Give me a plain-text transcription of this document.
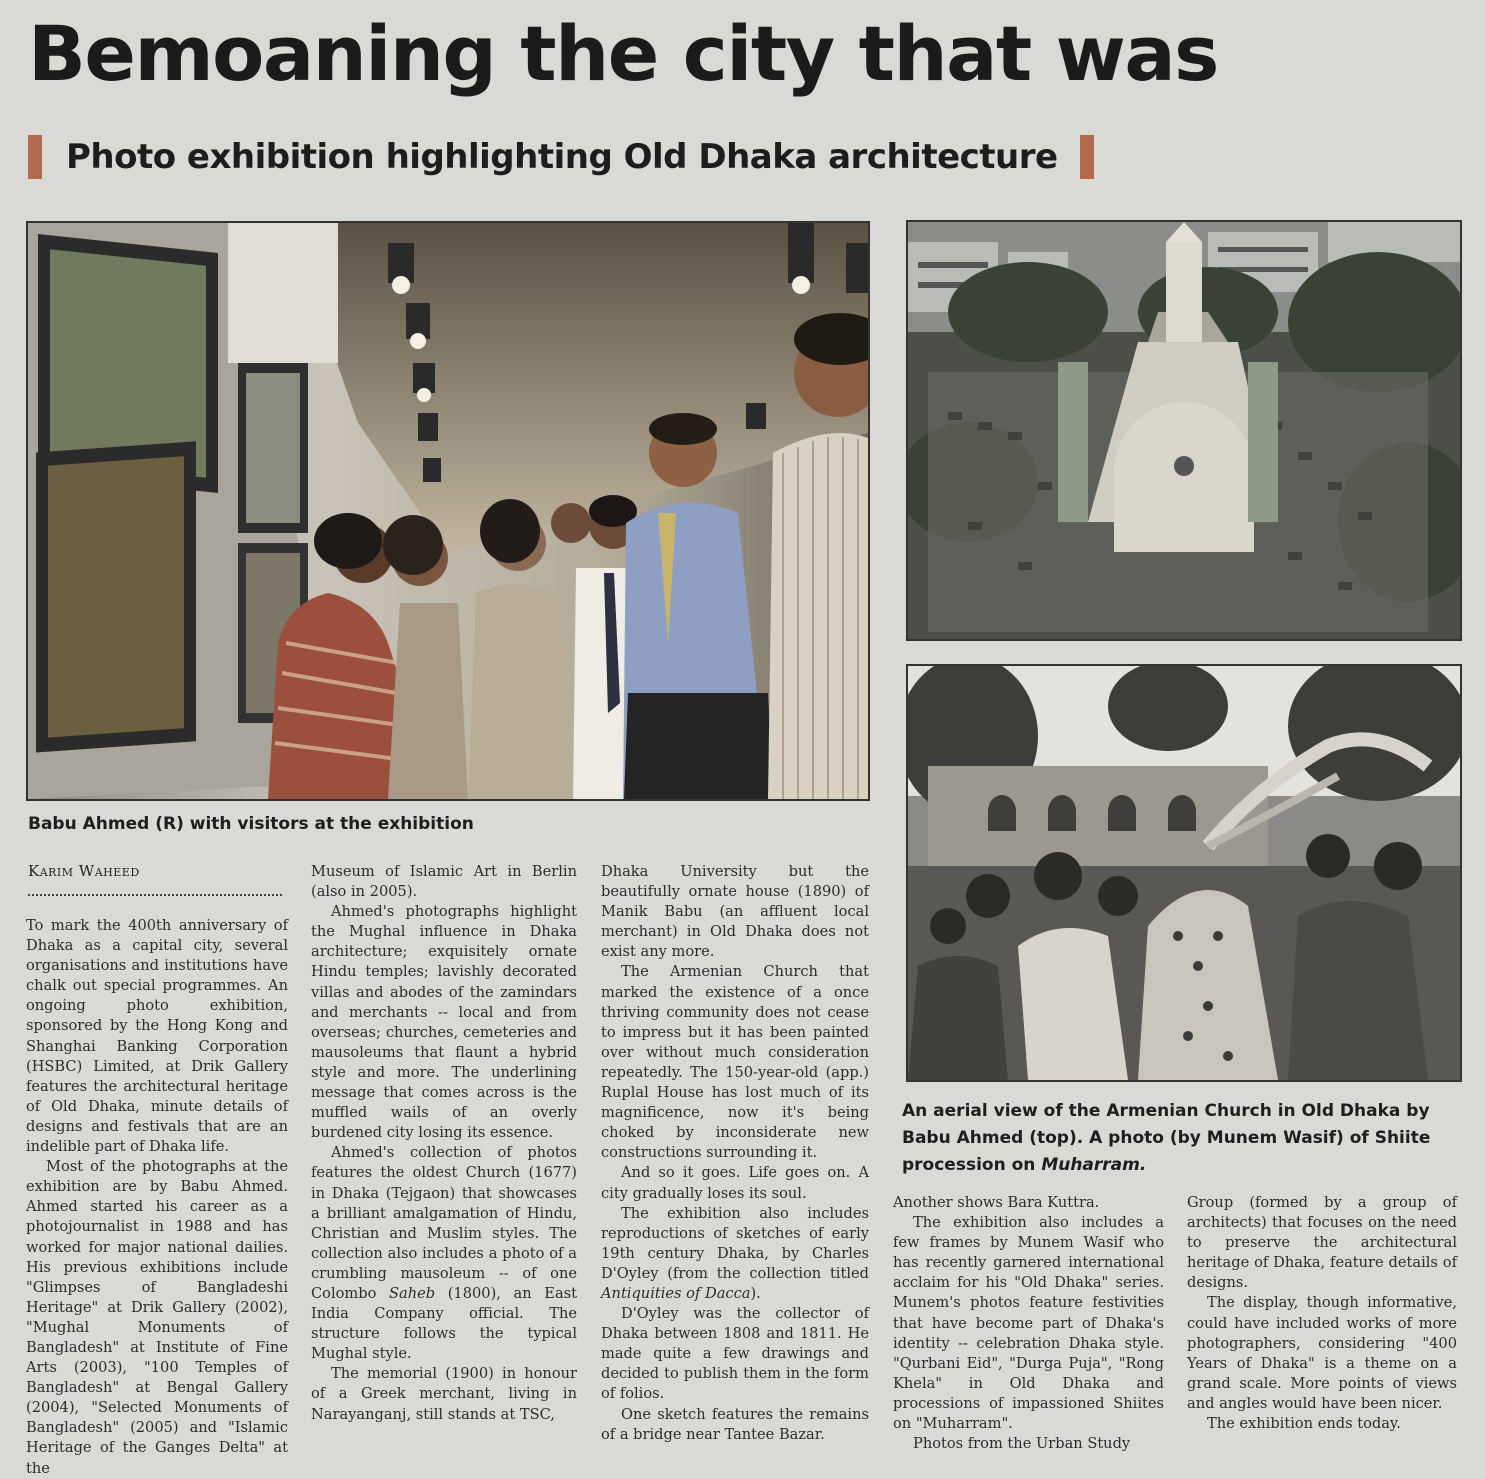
Bemoaning the city that was
Photo exhibition highlighting Old Dhaka architecture
Babu Ahmed (R) with visitors at the exhibition
An aerial view of the Armenian Church in Old Dhaka by Babu Ahmed (top). A photo (by Munem Wasif) of Shiite procession on Muharram.
Karim Waheed

To mark the 400th anniversary of Dhaka as a capital city, several organisations and institutions have chalk out special programmes. An ongoing photo exhibition, sponsored by the Hong Kong and Shanghai Banking Corporation (HSBC) Limited, at Drik Gallery features the architectural heritage of Old Dhaka, minute details of designs and festivals that are an indelible part of Dhaka life.

Most of the photographs at the exhibition are by Babu Ahmed. Ahmed started his career as a photojournalist in 1988 and has worked for major national dailies. His previous exhibitions include "Glimpses of Bangladeshi Heritage" at Drik Gallery (2002), "Mughal Monuments of Bangladesh" at Institute of Fine Arts (2003), "100 Temples of Bangladesh" at Bengal Gallery (2004), "Selected Monuments of Bangladesh" (2005) and "Islamic Heritage of the Ganges Delta" at the

Museum of Islamic Art in Berlin (also in 2005).

Ahmed's photographs highlight the Mughal influence in Dhaka architecture; exquisitely ornate Hindu temples; lavishly decorated villas and abodes of the zamindars and merchants -- local and from overseas; churches, cemeteries and mausoleums that flaunt a hybrid style and more. The underlining message that comes across is the muffled wails of an overly burdened city losing its essence.

Ahmed's collection of photos features the oldest Church (1677) in Dhaka (Tejgaon) that showcases a brilliant amalgamation of Hindu, Christian and Muslim styles. The collection also includes a photo of a crumbling mausoleum -- of one Colombo Saheb (1800), an East India Company official. The structure follows the typical Mughal style.

The memorial (1900) in honour of a Greek merchant, living in Narayanganj, still stands at TSC,

Dhaka University but the beautifully ornate house (1890) of Manik Babu (an affluent local merchant) in Old Dhaka does not exist any more.

The Armenian Church that marked the existence of a once thriving community does not cease to impress but it has been painted over without much consideration repeatedly. The 150-year-old (app.) Ruplal House has lost much of its magnificence, now it's being choked by inconsiderate new constructions surrounding it.

And so it goes. Life goes on. A city gradually loses its soul.

The exhibition also includes reproductions of sketches of early 19th century Dhaka, by Charles D'Oyley (from the collection titled Antiquities of Dacca).

D'Oyley was the collector of Dhaka between 1808 and 1811. He made quite a few drawings and decided to publish them in the form of folios.

One sketch features the remains of a bridge near Tantee Bazar.

Another shows Bara Kuttra.

The exhibition also includes a few frames by Munem Wasif who has recently garnered international acclaim for his "Old Dhaka" series. Munem's photos feature festivities that have become part of Dhaka's identity -- celebration Dhaka style. "Qurbani Eid", "Durga Puja", "Rong Khela" in Old Dhaka and processions of impassioned Shiites on "Muharram".

Photos from the Urban Study

Group (formed by a group of architects) that focuses on the need to preserve the architectural heritage of Dhaka, feature details of designs.

The display, though informative, could have included works of more photographers, considering "400 Years of Dhaka" is a theme on a grand scale. More points of views and angles would have been nicer.

The exhibition ends today.
